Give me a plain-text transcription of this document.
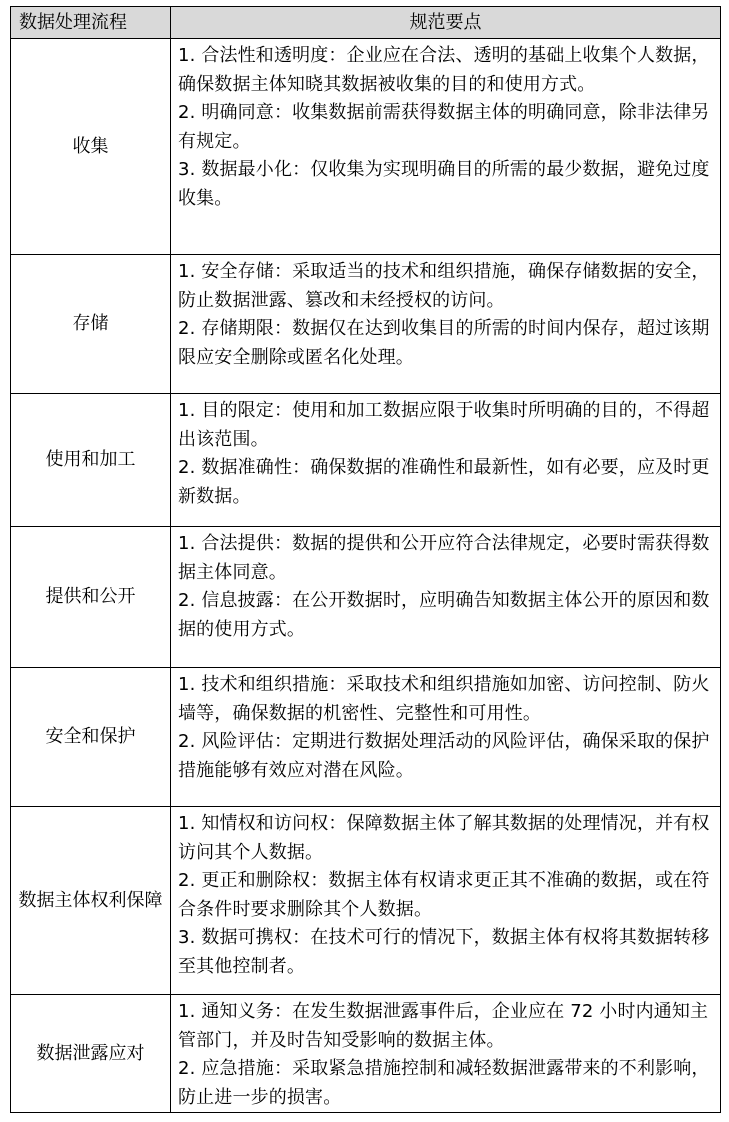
数据处理流程	规范要点
收集	1. 合法性和透明度：企业应在合法、透明的基础上收集个人数据，确保数据主体知晓其数据被收集的目的和使用方式。
2. 明确同意：收集数据前需获得数据主体的明确同意，除非法律另有规定。
3. 数据最小化：仅收集为实现明确目的所需的最少数据，避免过度收集。

存储	1. 安全存储：采取适当的技术和组织措施，确保存储数据的安全，防止数据泄露、篡改和未经授权的访问。
2. 存储期限：数据仅在达到收集目的所需的时间内保存，超过该期限应安全删除或匿名化处理。

使用和加工	1. 目的限定：使用和加工数据应限于收集时所明确的目的，不得超出该范围。
2. 数据准确性：确保数据的准确性和最新性，如有必要，应及时更新数据。

提供和公开	1. 合法提供：数据的提供和公开应符合法律规定，必要时需获得数据主体同意。
2. 信息披露：在公开数据时，应明确告知数据主体公开的原因和数据的使用方式。

安全和保护	1. 技术和组织措施：采取技术和组织措施如加密、访问控制、防火墙等，确保数据的机密性、完整性和可用性。
2. 风险评估：定期进行数据处理活动的风险评估，确保采取的保护措施能够有效应对潜在风险。

数据主体权利保障	1. 知情权和访问权：保障数据主体了解其数据的处理情况，并有权访问其个人数据。
2. 更正和删除权：数据主体有权请求更正其不准确的数据，或在符合条件时要求删除其个人数据。
3. 数据可携权：在技术可行的情况下，数据主体有权将其数据转移至其他控制者。

数据泄露应对	1. 通知义务：在发生数据泄露事件后，企业应在 72 小时内通知主管部门，并及时告知受影响的数据主体。
2. 应急措施：采取紧急措施控制和减轻数据泄露带来的不利影响，防止进一步的损害。
